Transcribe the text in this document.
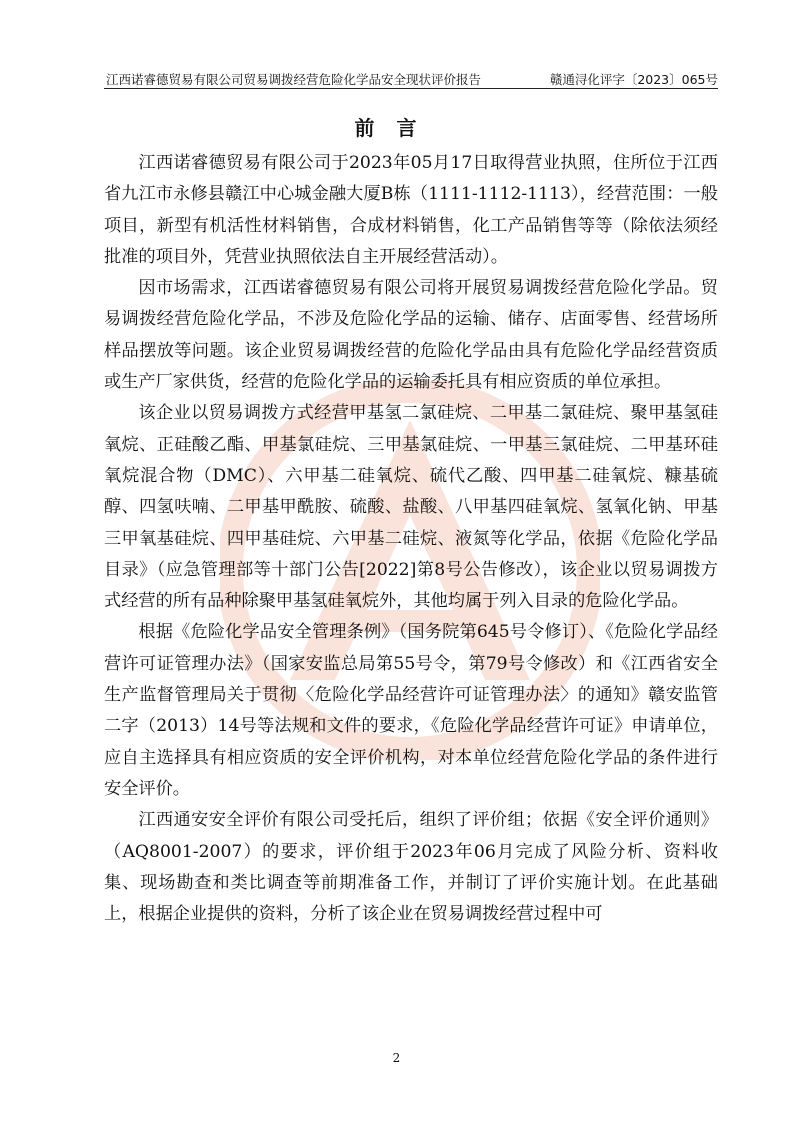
江西诺睿德贸易有限公司贸易调拨经营危险化学品安全现状评价报告	赣通浔化评字〔2023〕065号
前言

江西诺睿德贸易有限公司于2023年05月17日取得营业执照，住所位于江西省九江市永修县赣江中心城金融大厦B栋（1111-1112-1113），经营范围：一般项目，新型有机活性材料销售，合成材料销售，化工产品销售等等（除依法须经批准的项目外，凭营业执照依法自主开展经营活动）。

因市场需求，江西诺睿德贸易有限公司将开展贸易调拨经营危险化学品。贸易调拨经营危险化学品，不涉及危险化学品的运输、储存、店面零售、经营场所样品摆放等问题。该企业贸易调拨经营的危险化学品由具有危险化学品经营资质或生产厂家供货，经营的危险化学品的运输委托具有相应资质的单位承担。

该企业以贸易调拨方式经营甲基氢二氯硅烷、二甲基二氯硅烷、聚甲基氢硅氧烷、正硅酸乙酯、甲基氯硅烷、三甲基氯硅烷、一甲基三氯硅烷、二甲基环硅氧烷混合物（DMC）、六甲基二硅氧烷、硫代乙酸、四甲基二硅氧烷、糠基硫醇、四氢呋喃、二甲基甲酰胺、硫酸、盐酸、八甲基四硅氧烷、氢氧化钠、甲基三甲氧基硅烷、四甲基硅烷、六甲基二硅烷、液氮等化学品，依据《危险化学品目录》（应急管理部等十部门公告[2022]第8号公告修改），该企业以贸易调拨方式经营的所有品种除聚甲基氢硅氧烷外，其他均属于列入目录的危险化学品。

根据《危险化学品安全管理条例》（国务院第645号令修订）、《危险化学品经营许可证管理办法》（国家安监总局第55号令，第79号令修改）和《江西省安全生产监督管理局关于贯彻〈危险化学品经营许可证管理办法〉的通知》赣安监管二字（2013）14号等法规和文件的要求，《危险化学品经营许可证》申请单位，应自主选择具有相应资质的安全评价机构，对本单位经营危险化学品的条件进行安全评价。

江西通安安全评价有限公司受托后，组织了评价组；依据《安全评价通则》（AQ8001-2007）的要求，评价组于2023年06月完成了风险分析、资料收集、现场勘查和类比调查等前期准备工作，并制订了评价实施计划。在此基础上，根据企业提供的资料，分析了该企业在贸易调拨经营过程中可

2
